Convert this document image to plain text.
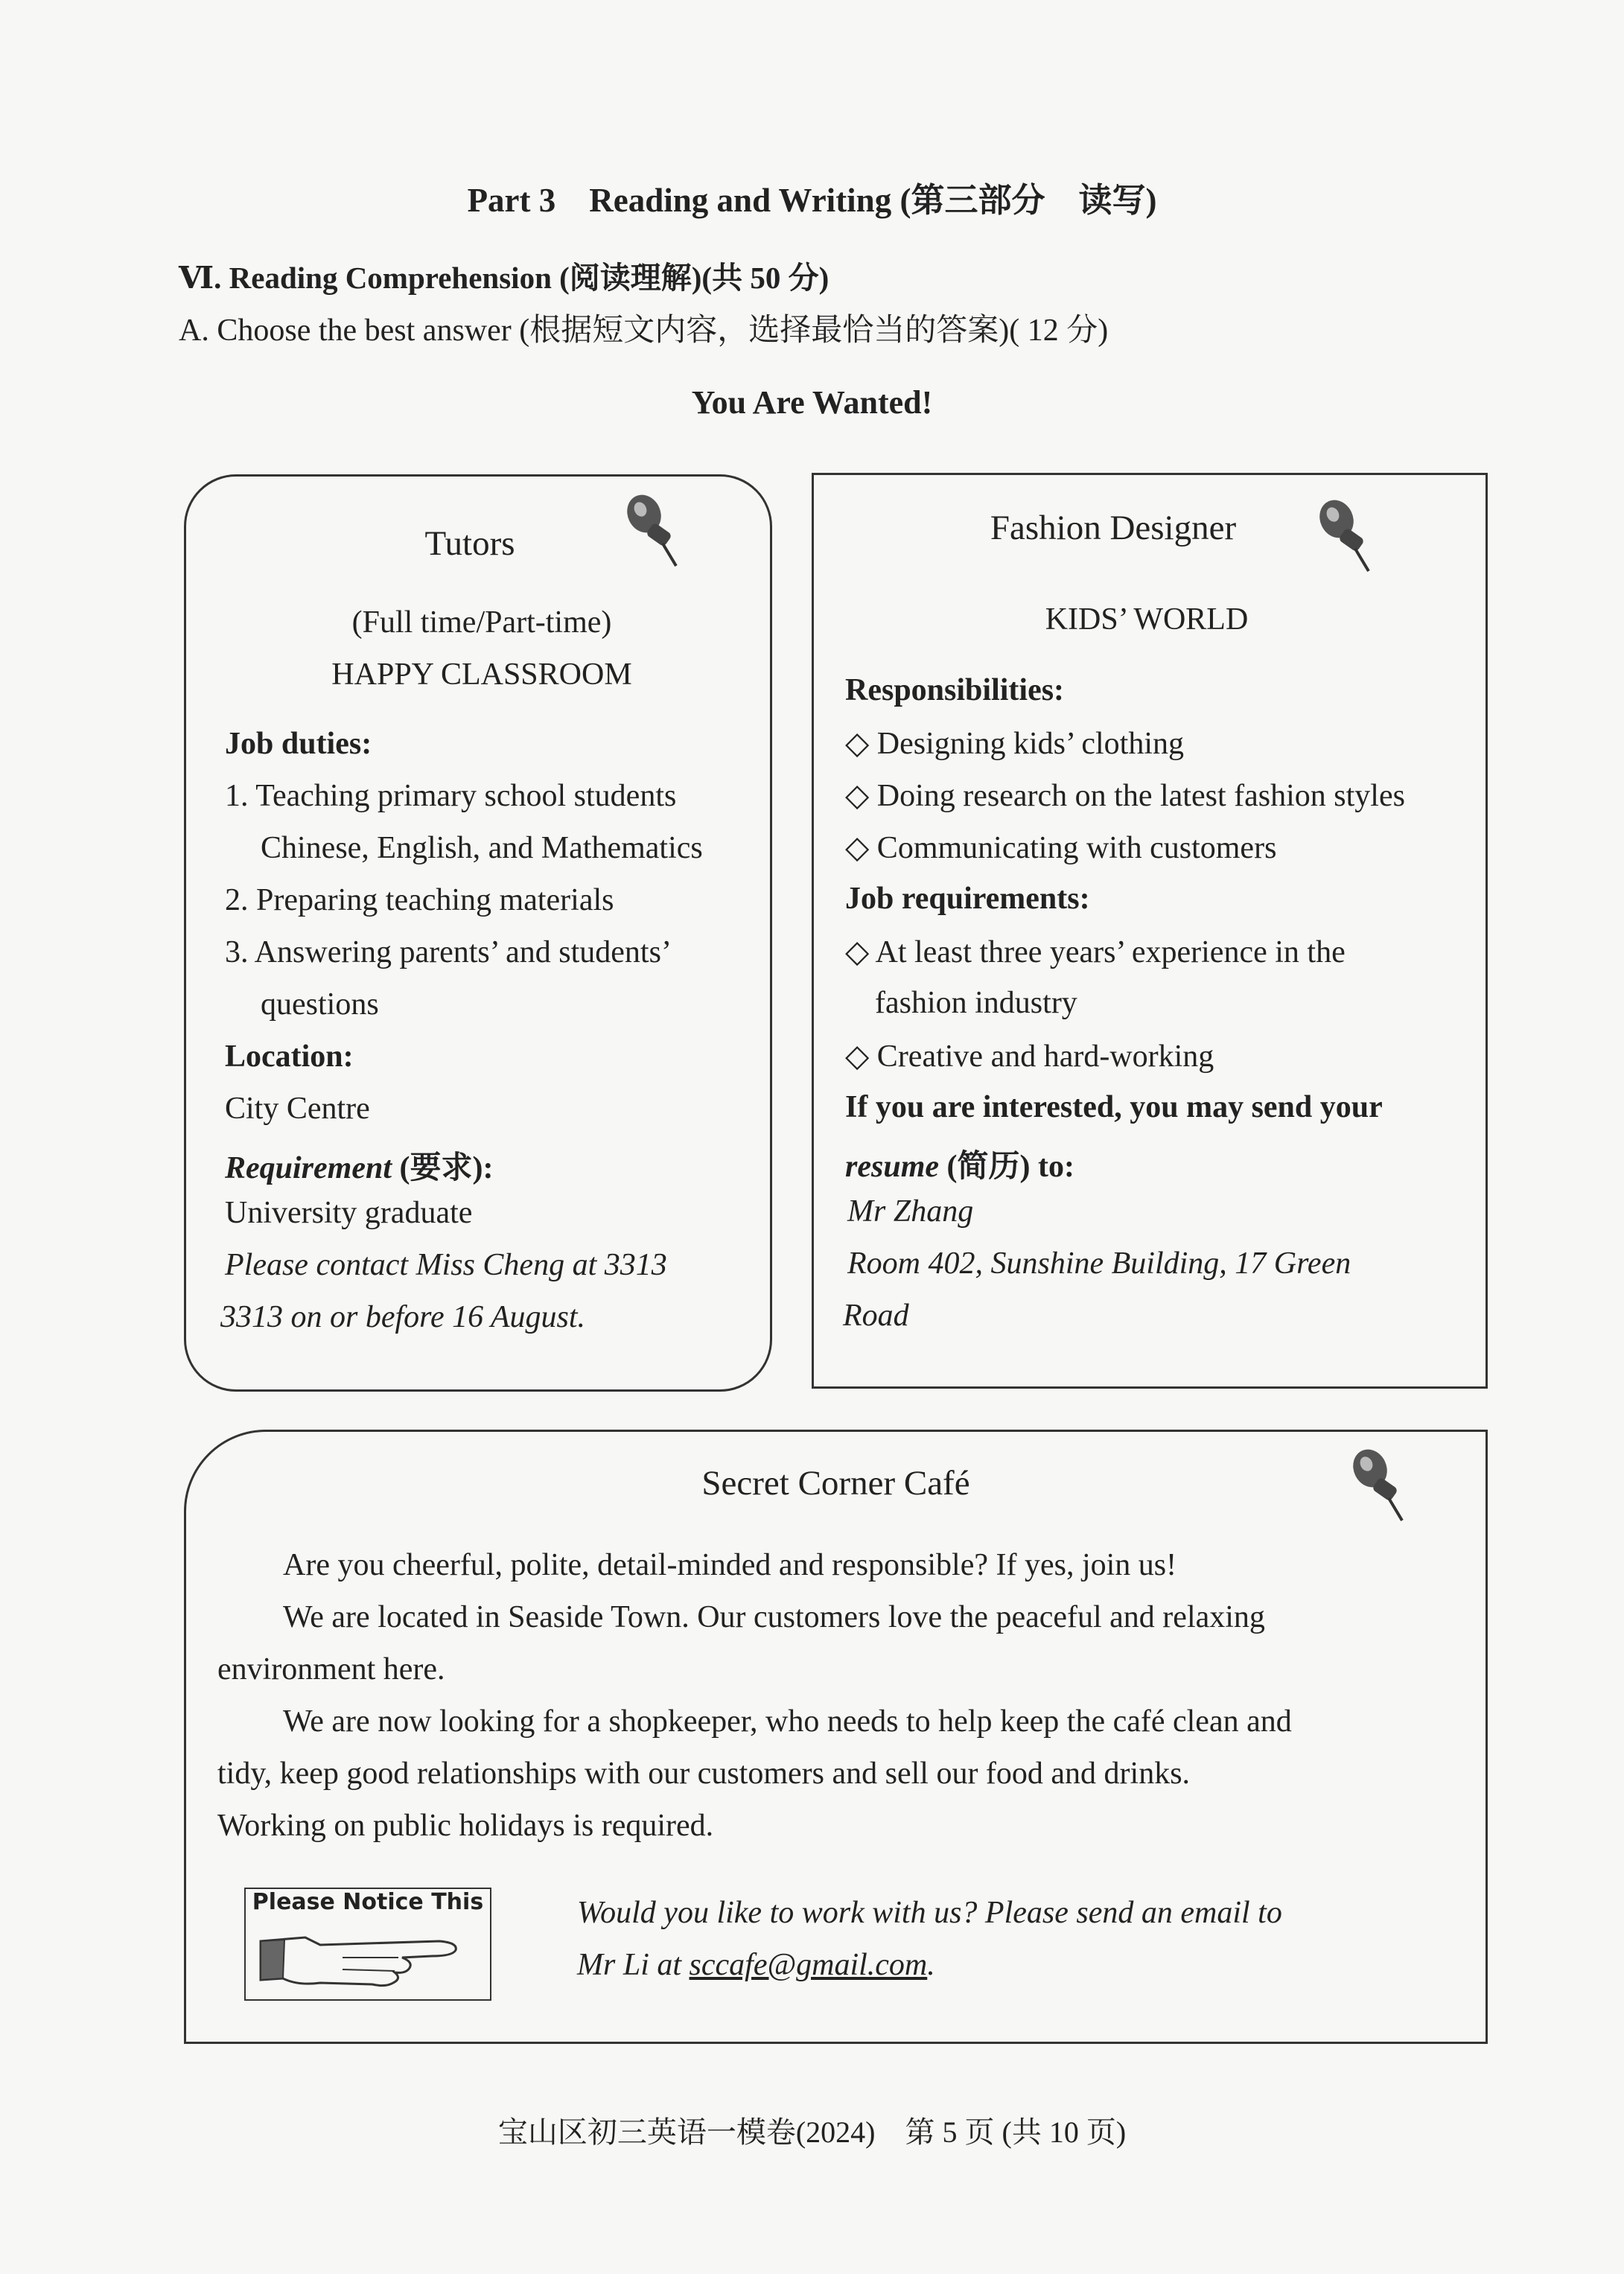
Part 3　Reading and Writing (第三部分　读写)
Ⅵ. Reading Comprehension (阅读理解)(共 50 分)
A. Choose the best answer (根据短文内容，选择最恰当的答案)( 12 分)
You Are Wanted!
Tutors
(Full time/Part-time)
HAPPY CLASSROOM
Job duties:
1. Teaching primary school students
Chinese, English, and Mathematics
2. Preparing teaching materials
3. Answering parents’ and students’
questions
Location:
City Centre
Requirement (要求):
University graduate
Please contact Miss Cheng at 3313
3313 on or before 16 August.
Fashion Designer
KIDS’ WORLD
Responsibilities:
◇ Designing kids’ clothing
◇ Doing research on the latest fashion styles
◇ Communicating with customers
Job requirements:
◇ At least three years’ experience in the
fashion industry
◇ Creative and hard-working
If you are interested, you may send your
resume (简历) to:
Mr Zhang
Room 402, Sunshine Building, 17 Green
Road
Secret Corner Café
Are you cheerful, polite, detail-minded and responsible? If yes, join us!
We are located in Seaside Town. Our customers love the peaceful and relaxing
environment here.
We are now looking for a shopkeeper, who needs to help keep the café clean and
tidy, keep good relationships with our customers and sell our food and drinks.
Working on public holidays is required.
Please Notice This	Would you like to work with us? Please send an email to
Mr Li at sccafe@gmail.com.
宝山区初三英语一模卷(2024)　第 5 页 (共 10 页)
